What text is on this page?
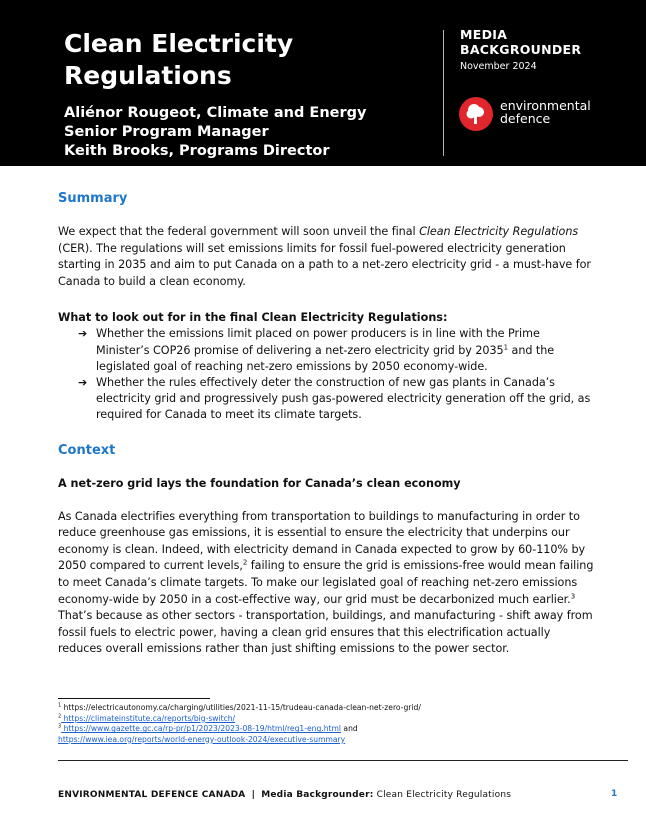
Clean Electricity Regulations
Aliénor Rougeot, Climate and Energy
Senior Program Manager
Keith Brooks, Programs Director
MEDIA
BACKGROUNDER
November 2024
environmental
defence
Summary

We expect that the federal government will soon unveil the final Clean Electricity Regulations (CER). The regulations will set emissions limits for fossil fuel-powered electricity generation starting in 2035 and aim to put Canada on a path to a net-zero electricity grid - a must-have for Canada to build a clean economy.

What to look out for in the final Clean Electricity Regulations:

➔ Whether the emissions limit placed on power producers is in line with the Prime Minister’s COP26 promise of delivering a net-zero electricity grid by 2035$^1$ and the legislated goal of reaching net-zero emissions by 2050 economy-wide.
➔ Whether the rules effectively deter the construction of new gas plants in Canada’s electricity grid and progressively push gas-powered electricity generation off the grid, as required for Canada to meet its climate targets.
Context

A net-zero grid lays the foundation for Canada’s clean economy

As Canada electrifies everything from transportation to buildings to manufacturing in order to reduce greenhouse gas emissions, it is essential to ensure the electricity that underpins our economy is clean. Indeed, with electricity demand in Canada expected to grow by 60-110% by 2050 compared to current levels,$^2$ failing to ensure the grid is emissions-free would mean failing to meet Canada’s climate targets. To make our legislated goal of reaching net-zero emissions economy-wide by 2050 in a cost-effective way, our grid must be decarbonized much earlier.$^3$ That’s because as other sectors - transportation, buildings, and manufacturing - shift away from fossil fuels to electric power, having a clean grid ensures that this electrification actually reduces overall emissions rather than just shifting emissions to the power sector.

$^1$ https://electricautonomy.ca/charging/utilities/2021-11-15/trudeau-canada-clean-net-zero-grid/
$^2$ https://climateinstitute.ca/reports/big-switch/
$^3$ https://www.gazette.gc.ca/rp-pr/p1/2023/2023-08-19/html/reg1-eng.html and
https://www.iea.org/reports/world-energy-outlook-2024/executive-summary
ENVIRONMENTAL DEFENCE CANADA | Media Backgrounder: Clean Electricity Regulations	1
